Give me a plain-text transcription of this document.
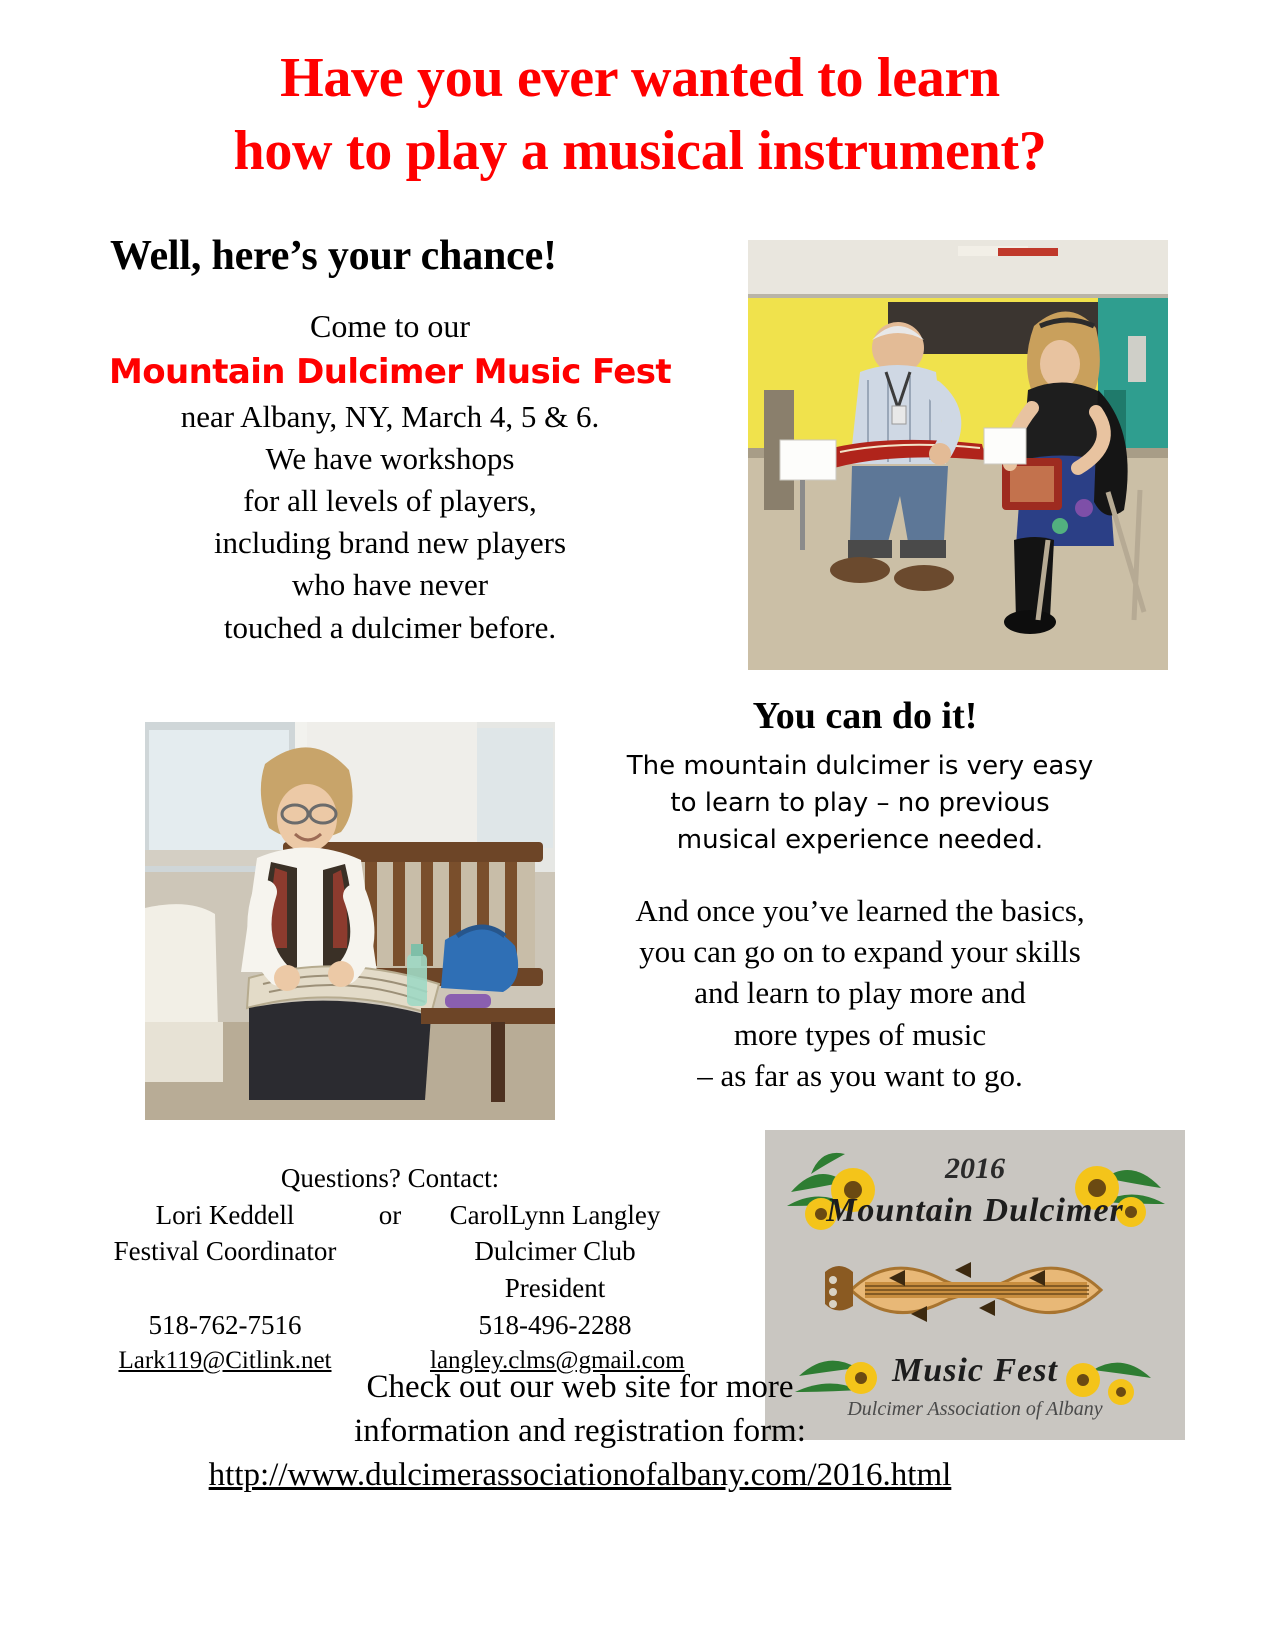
Have you ever wanted to learn
how to play a musical instrument?
Well, here’s your chance!
Come to our
Mountain Dulcimer Music Fest
near Albany, NY, March 4, 5 & 6.
We have workshops
for all levels of players,
including brand new players
who have never
touched a dulcimer before.
You can do it!
The mountain dulcimer is very easy
to learn to play – no previous
musical experience needed.
And once you’ve learned the basics,
you can go on to expand your skills
and learn to play more and
more types of music
– as far as you want to go.
Questions? Contact:
Lori Keddell	or	CarolLynn Langley
Festival Coordinator	Dulcimer Club President
518-762-7516	518-496-2288
Lark119@Citlink.net	langley.clms@gmail.com
2016
Mountain Dulcimer
Music Fest
Dulcimer Association of Albany
Check out our web site for more
information and registration form:
http://www.dulcimerassociationofalbany.com/2016.html
